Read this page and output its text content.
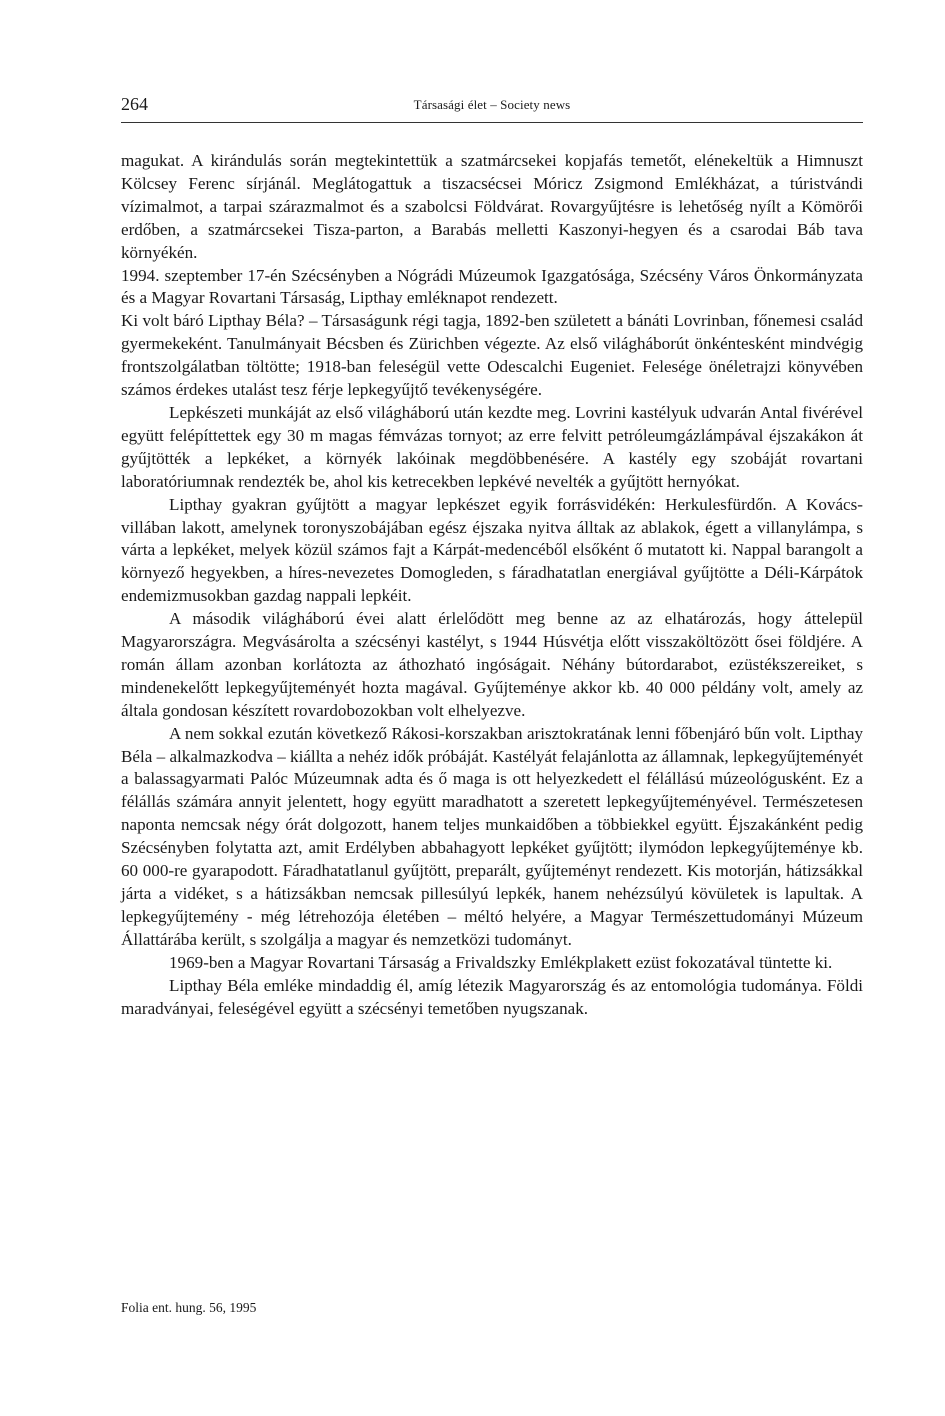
264	Társasági élet – Society news

magukat. A kirándulás során megtekintettük a szatmárcsekei kopjafás temetőt, elénekeltük a Himnuszt Kölcsey Ferenc sírjánál. Meglátogattuk a tiszacsécsei Móricz Zsigmond Emlékházat, a túristvándi vízimalmot, a tarpai szárazmalmot és a szabolcsi Földvárat. Rovargyűjtésre is lehetőség nyílt a Kömörői erdőben, a szatmárcsekei Tisza-parton, a Barabás melletti Kaszonyi-hegyen és a csarodai Báb tava környékén.

1994. szeptember 17-én Szécsényben a Nógrádi Múzeumok Igazgatósága, Szécsény Város Önkormányzata és a Magyar Rovartani Társaság, Lipthay emléknapot rendezett.

Ki volt báró Lipthay Béla? – Társaságunk régi tagja, 1892-ben született a bánáti Lovrinban, főnemesi család gyermekeként. Tanulmányait Bécsben és Zürichben végezte. Az első világháborút önkéntesként mindvégig frontszolgálatban töltötte; 1918-ban feleségül vette Odescalchi Eugeniet. Felesége önéletrajzi könyvében számos érdekes utalást tesz férje lepkegyűjtő tevékenységére.

Lepkészeti munkáját az első világháború után kezdte meg. Lovrini kastélyuk udvarán Antal fivérével együtt felépíttettek egy 30 m magas fémvázas tornyot; az erre felvitt petróleumgázlámpával éjszakákon át gyűjtötték a lepkéket, a környék lakóinak megdöbbenésére. A kastély egy szobáját rovartani laboratóriumnak rendezték be, ahol kis ketrecekben lepkévé nevelték a gyűjtött hernyókat.

Lipthay gyakran gyűjtött a magyar lepkészet egyik forrásvidékén: Herkulesfürdőn. A Kovács-villában lakott, amelynek toronyszobájában egész éjszaka nyitva álltak az ablakok, égett a villanylámpa, s várta a lepkéket, melyek közül számos fajt a Kárpát-medencéből elsőként ő mutatott ki. Nappal barangolt a környező hegyekben, a híres-nevezetes Domogleden, s fáradhatatlan energiával gyűjtötte a Déli-Kárpátok endemizmusokban gazdag nappali lepkéit.

A második világháború évei alatt érlelődött meg benne az az elhatározás, hogy áttelepül Magyarországra. Megvásárolta a szécsényi kastélyt, s 1944 Húsvétja előtt visszaköltözött ősei földjére. A román állam azonban korlátozta az áthozható ingóságait. Néhány bútordarabot, ezüstékszereiket, s mindenekelőtt lepkegyűjteményét hozta magával. Gyűjteménye akkor kb. 40 000 példány volt, amely az általa gondosan készített rovardobozokban volt elhelyezve.

A nem sokkal ezután következő Rákosi-korszakban arisztokratának lenni főbenjáró bűn volt. Lipthay Béla – alkalmazkodva – kiállta a nehéz idők próbáját. Kastélyát felajánlotta az államnak, lepkegyűjteményét a balassagyarmati Palóc Múzeumnak adta és ő maga is ott helyezkedett el félállású múzeológusként. Ez a félállás számára annyit jelentett, hogy együtt maradhatott a szeretett lepkegyűjteményével. Természetesen naponta nemcsak négy órát dolgozott, hanem teljes munkaidőben a többiekkel együtt. Éjszakánként pedig Szécsényben folytatta azt, amit Erdélyben abbahagyott lepkéket gyűjtött; ilymódon lepkegyűjteménye kb. 60 000-re gyarapodott. Fáradhatatlanul gyűjtött, preparált, gyűjteményt rendezett. Kis motorján, hátizsákkal járta a vidéket, s a hátizsákban nemcsak pillesúlyú lepkék, hanem nehézsúlyú kövületek is lapultak. A lepkegyűjtemény - még létrehozója életében – méltó helyére, a Magyar Természettudományi Múzeum Állattárába került, s szolgálja a magyar és nemzetközi tudományt.

1969-ben a Magyar Rovartani Társaság a Frivaldszky Emlékplakett ezüst fokozatával tüntette ki.

Lipthay Béla emléke mindaddig él, amíg létezik Magyarország és az entomológia tudománya. Földi maradványai, feleségével együtt a szécsényi temetőben nyugszanak.

Folia ent. hung. 56, 1995
